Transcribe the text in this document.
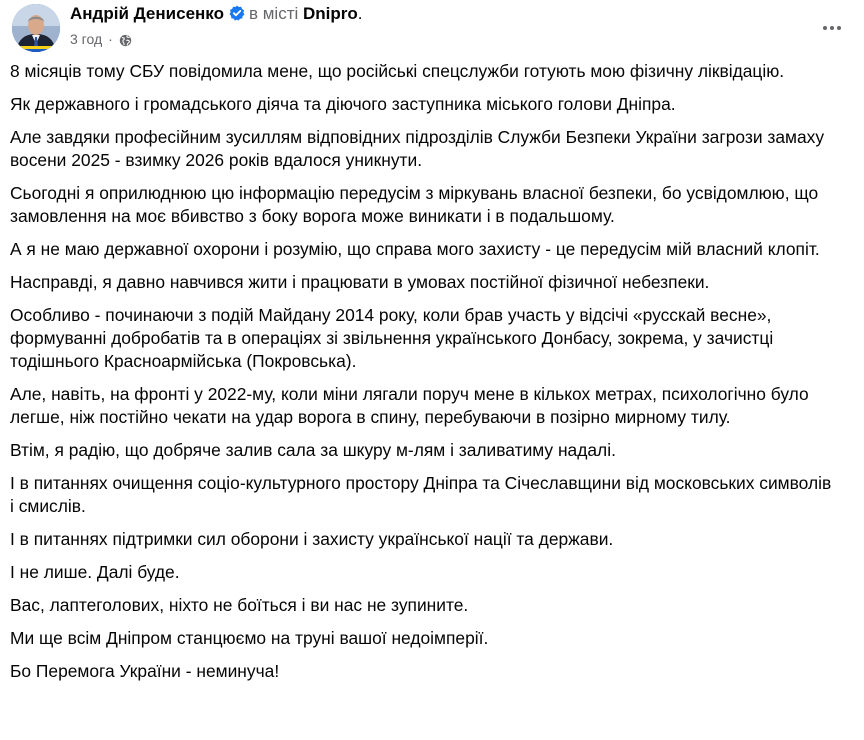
Андрій Денисенко в місті Dnipro.
3 год ·

8 місяців тому СБУ повідомила мене, що російські спецслужби готують мою фізичну ліквідацію.

Як державного і громадського діяча та діючого заступника міського голови Дніпра.

Але завдяки професійним зусиллям відповідних підрозділів Служби Безпеки України загрози замаху восени 2025 - взимку 2026 років вдалося уникнути.

Сьогодні я оприлюднюю цю інформацію передусім з міркувань власної безпеки, бо усвідомлюю, що замовлення на моє вбивство з боку ворога може виникати і в подальшому.

А я не маю державної охорони і розумію, що справа мого захисту - це передусім мій власний клопіт.

Насправді, я давно навчився жити і працювати в умовах постійної фізичної небезпеки.

Особливо - починаючи з подій Майдану 2014 року, коли брав участь у відсічі «русскай весне», формуванні добробатів та в операціях зі звільнення українського Донбасу, зокрема, у зачистці тодішнього Красноармійська (Покровська).

Але, навіть, на фронті у 2022-му, коли міни лягали поруч мене в кількох метрах, психологічно було легше, ніж постійно чекати на удар ворога в спину, перебуваючи в позірно мирному тилу.

Втім, я радію, що добряче залив сала за шкуру м-лям і заливатиму надалі.

І в питаннях очищення соціо-культурного простору Дніпра та Січеславщини від московських символів і смислів.

І в питаннях підтримки сил оборони і захисту української нації та держави.

І не лише. Далі буде.

Вас, лаптеголових, ніхто не боїться і ви нас не зупините.

Ми ще всім Дніпром станцюємо на труні вашої недоімперії.

Бо Перемога України - неминуча!
